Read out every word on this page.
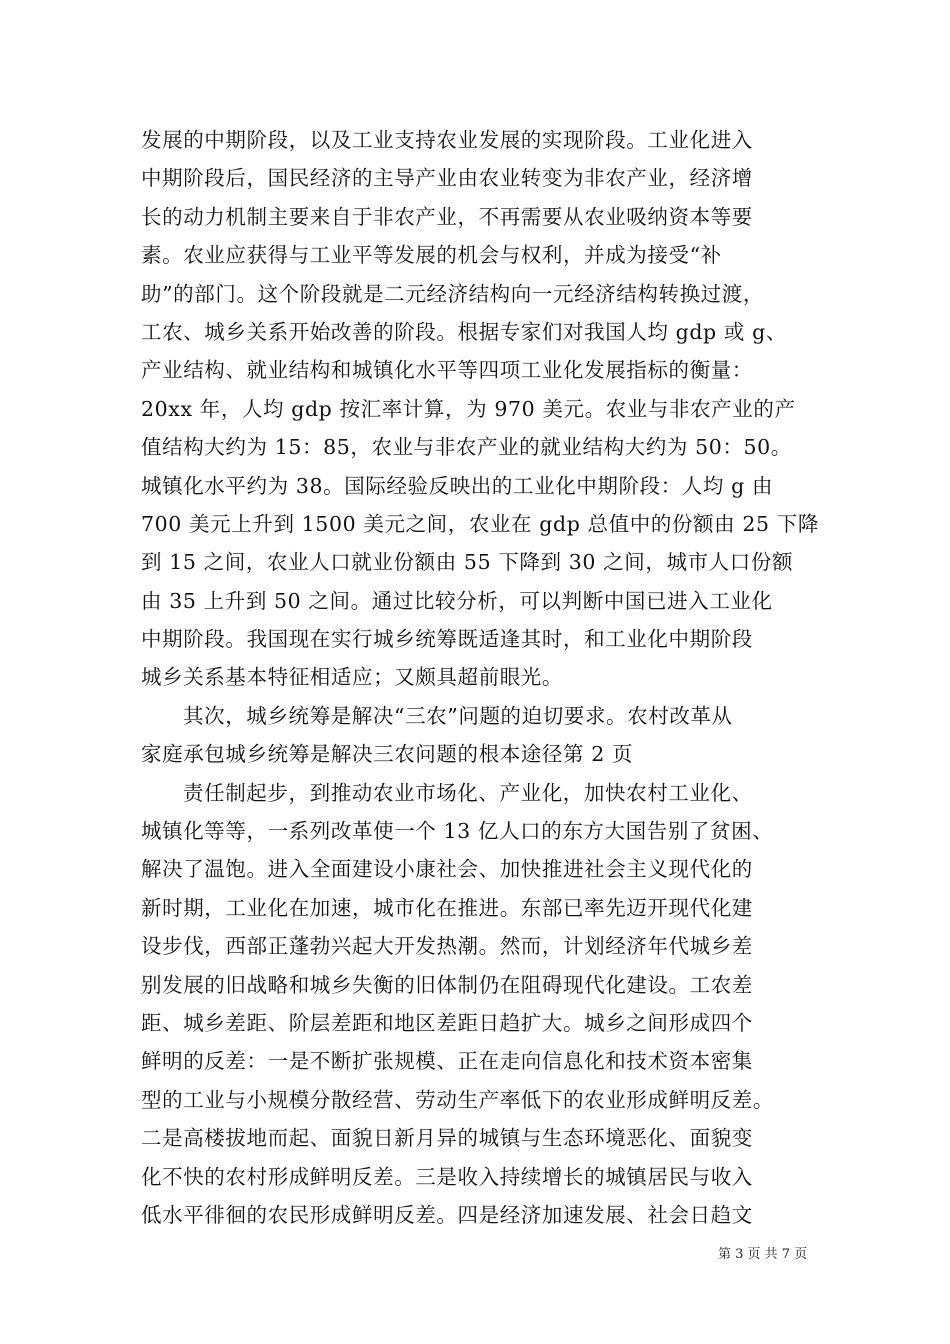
发展的中期阶段，以及工业支持农业发展的实现阶段。工业化进入
中期阶段后，国民经济的主导产业由农业转变为非农产业，经济增
长的动力机制主要来自于非农产业，不再需要从农业吸纳资本等要
素。农业应获得与工业平等发展的机会与权利，并成为接受“补
助”的部门。这个阶段就是二元经济结构向一元经济结构转换过渡，
工农、城乡关系开始改善的阶段。根据专家们对我国人均 gdp 或 g、
产业结构、就业结构和城镇化水平等四项工业化发展指标的衡量：
20xx 年，人均 gdp 按汇率计算，为 970 美元。农业与非农产业的产
值结构大约为 15：85，农业与非农产业的就业结构大约为 50：50。
城镇化水平约为 38。国际经验反映出的工业化中期阶段：人均 g 由
700 美元上升到 1500 美元之间，农业在 gdp 总值中的份额由 25 下降
到 15 之间，农业人口就业份额由 55 下降到 30 之间，城市人口份额
由 35 上升到 50 之间。通过比较分析，可以判断中国已进入工业化
中期阶段。我国现在实行城乡统筹既适逢其时，和工业化中期阶段
城乡关系基本特征相适应；又颇具超前眼光。
其次，城乡统筹是解决“三农”问题的迫切要求。农村改革从
家庭承包城乡统筹是解决三农问题的根本途径第 2 页
责任制起步，到推动农业市场化、产业化，加快农村工业化、
城镇化等等，一系列改革使一个 13 亿人口的东方大国告别了贫困、
解决了温饱。进入全面建设小康社会、加快推进社会主义现代化的
新时期，工业化在加速，城市化在推进。东部已率先迈开现代化建
设步伐，西部正蓬勃兴起大开发热潮。然而，计划经济年代城乡差
别发展的旧战略和城乡失衡的旧体制仍在阻碍现代化建设。工农差
距、城乡差距、阶层差距和地区差距日趋扩大。城乡之间形成四个
鲜明的反差：一是不断扩张规模、正在走向信息化和技术资本密集
型的工业与小规模分散经营、劳动生产率低下的农业形成鲜明反差。
二是高楼拔地而起、面貌日新月异的城镇与生态环境恶化、面貌变
化不快的农村形成鲜明反差。三是收入持续增长的城镇居民与收入
低水平徘徊的农民形成鲜明反差。四是经济加速发展、社会日趋文
第 3 页 共 7 页
